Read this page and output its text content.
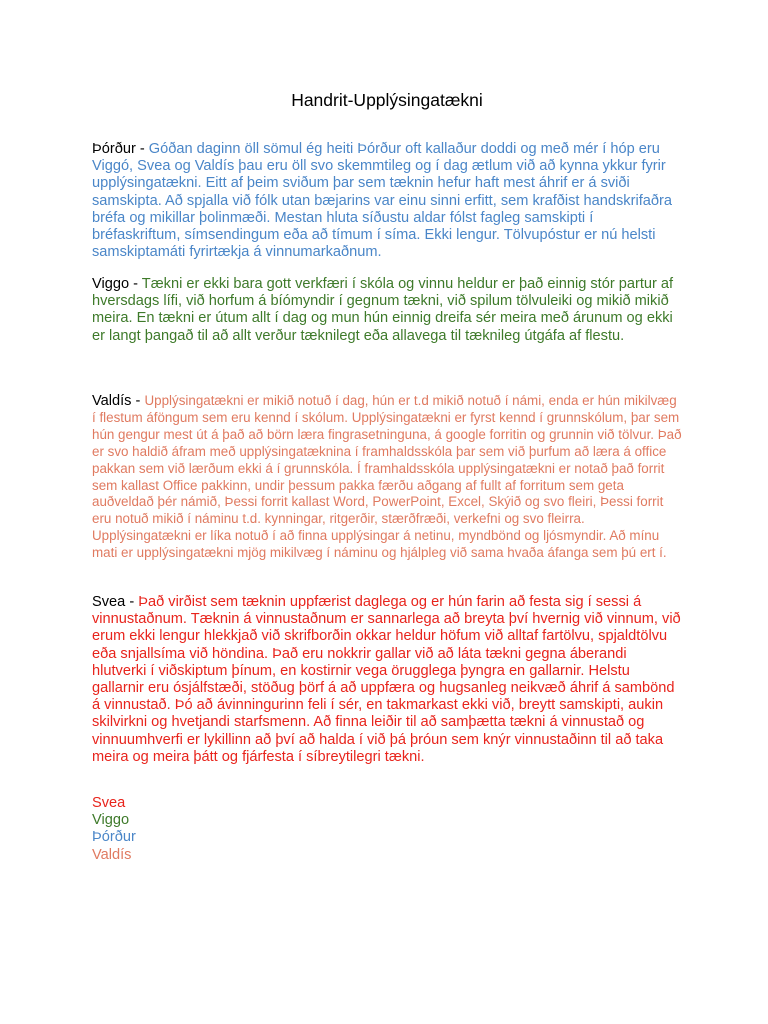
Handrit-Upplýsingatækni

Þórður - Góðan daginn öll sömul ég heiti Þórður oft kallaður doddi og með mér í hóp eru Viggó, Svea og Valdís þau eru öll svo skemmtileg og í dag ætlum við að kynna ykkur fyrir upplýsingatækni. Eitt af þeim sviðum þar sem tæknin hefur haft mest áhrif er á sviði samskipta. Að spjalla við fólk utan bæjarins var einu sinni erfitt, sem krafðist handskrifaðra bréfa og mikillar þolinmæði. Mestan hluta síðustu aldar fólst fagleg samskipti í bréfaskriftum, símsendingum eða að tímum í síma. Ekki lengur. Tölvupóstur er nú helsti samskiptamáti fyrirtækja á vinnumarkaðnum.

Viggo - Tækni er ekki bara gott verkfæri í skóla og vinnu heldur er það einnig stór partur af hversdags lífi, við horfum á bíómyndir í gegnum tækni, við spilum tölvuleiki og mikið mikið meira. En tækni er útum allt í dag og mun hún einnig dreifa sér meira með árunum og ekki er langt þangað til að allt verður tæknilegt eða allavega til tæknileg útgáfa af flestu.

Valdís - Upplýsingatækni er mikið notuð í dag, hún er t.d mikið notuð í námi, enda er hún mikilvæg í flestum áföngum sem eru kennd í skólum. Upplýsingatækni er fyrst kennd í grunnskólum, þar sem hún gengur mest út á það að börn læra fingrasetninguna, á google forritin og grunnin við tölvur. Það er svo haldið áfram með upplýsingatæknina í framhaldsskóla þar sem við þurfum að læra á office pakkan sem við lærðum ekki á í grunnskóla. Í framhaldsskóla upplýsingatækni er notað það forrit sem kallast Office pakkinn, undir þessum pakka færðu aðgang af fullt af forritum sem geta auðveldað þér námið, Þessi forrit kallast Word, PowerPoint, Excel, Skýið og svo fleiri, Þessi forrit eru notuð mikið í náminu t.d. kynningar, ritgerðir, stærðfræði, verkefni og svo fleirra. Upplýsingatækni er líka notuð í að finna upplýsingar á netinu, myndbönd og ljósmyndir. Að mínu mati er upplýsingatækni mjög mikilvæg í náminu og hjálpleg við sama hvaða áfanga sem þú ert í.

Svea - Það virðist sem tæknin uppfærist daglega og er hún farin að festa sig í sessi á vinnustaðnum. Tæknin á vinnustaðnum er sannarlega að breyta því hvernig við vinnum, við erum ekki lengur hlekkjað við skrifborðin okkar heldur höfum við alltaf fartölvu, spjaldtölvu eða snjallsíma við höndina. Það eru nokkrir gallar við að láta tækni gegna áberandi hlutverki í viðskiptum þínum, en kostirnir vega örugglega þyngra en gallarnir. Helstu gallarnir eru ósjálfstæði, stöðug þörf á að uppfæra og hugsanleg neikvæð áhrif á sambönd á vinnustað. Þó að ávinningurinn feli í sér, en takmarkast ekki við, breytt samskipti, aukin skilvirkni og hvetjandi starfsmenn. Að finna leiðir til að samþætta tækni á vinnustað og vinnuumhverfi er lykillinn að því að halda í við þá þróun sem knýr vinnustaðinn til að taka meira og meira þátt og fjárfesta í síbreytilegri tækni.

Svea
Viggo
Þórður
Valdís
